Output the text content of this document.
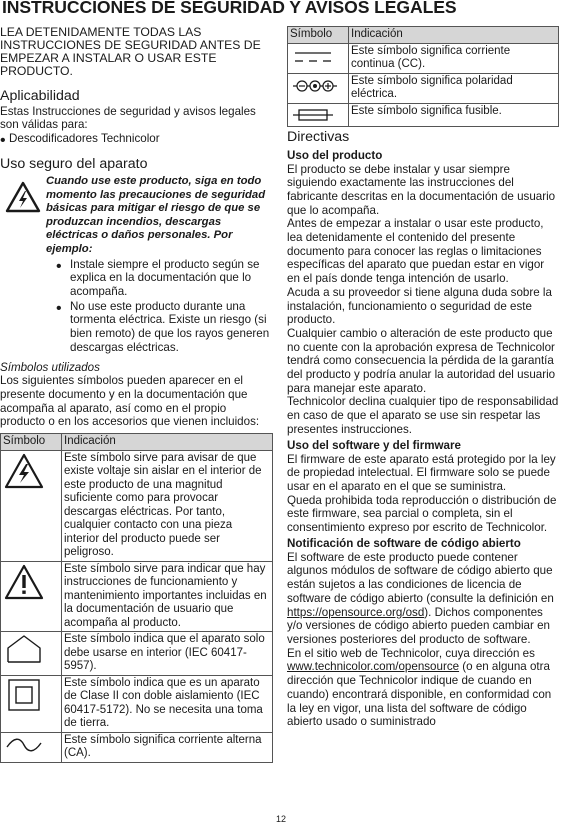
INSTRUCCIONES DE SEGURIDAD Y AVISOS LEGALES

LEA DETENIDAMENTE TODAS LAS INSTRUCCIONES DE SEGURIDAD ANTES DE EMPEZAR A INSTALAR O USAR ESTE PRODUCTO.

Aplicabilidad

Estas Instrucciones de seguridad y avisos legales son válidas para:

• Descodificadores Technicolor

Uso seguro del aparato

Cuando use este producto, siga en todo momento las precauciones de seguridad básicas para mitigar el riesgo de que se produzcan incendios, descargas eléctricas o daños personales. Por ejemplo:

• Instale siempre el producto según se explica en la documentación que lo acompaña.

• No use este producto durante una tormenta eléctrica. Existe un riesgo (si bien remoto) de que los rayos generen descargas eléctricas.

Símbolos utilizados

Los siguientes símbolos pueden aparecer en el presente documento y en la documentación que acompaña al aparato, así como en el propio producto o en los accesorios que vienen incluidos:

Símbolo	Indicación

	Este símbolo sirve para avisar de que existe voltaje sin aislar en el interior de este producto de una magnitud suficiente como para provocar descargas eléctricas. Por tanto, cualquier contacto con una pieza interior del producto puede ser peligroso.

	Este símbolo sirve para indicar que hay instrucciones de funcionamiento y mantenimiento importantes incluidas en la documentación de usuario que acompaña al producto.

	Este símbolo indica que el aparato solo debe usarse en interior (IEC 60417-5957).

	Este símbolo indica que es un aparato de Clase II con doble aislamiento (IEC 60417-5172). No se necesita una toma de tierra.

	Este símbolo significa corriente alterna (CA).
Símbolo	Indicación

	Este símbolo significa corriente continua (CC).

	Este símbolo significa polaridad eléctrica.

	Este símbolo significa fusible.
Directivas
Uso del producto

El producto se debe instalar y usar siempre siguiendo exactamente las instrucciones del fabricante descritas en la documentación de usuario que lo acompaña.

Antes de empezar a instalar o usar este producto, lea detenidamente el contenido del presente documento para conocer las reglas o limitaciones específicas del aparato que puedan estar en vigor en el país donde tenga intención de usarlo.

Acuda a su proveedor si tiene alguna duda sobre la instalación, funcionamiento o seguridad de este producto.

Cualquier cambio o alteración de este producto que no cuente con la aprobación expresa de Technicolor tendrá como consecuencia la pérdida de la garantía del producto y podría anular la autoridad del usuario para manejar este aparato.

Technicolor declina cualquier tipo de responsabilidad en caso de que el aparato se use sin respetar las presentes instrucciones.

Uso del software y del firmware

El firmware de este aparato está protegido por la ley de propiedad intelectual. El firmware solo se puede usar en el aparato en el que se suministra.

Queda prohibida toda reproducción o distribución de este firmware, sea parcial o completa, sin el consentimiento expreso por escrito de Technicolor.

Notificación de software de código abierto

El software de este producto puede contener algunos módulos de software de código abierto que están sujetos a las condiciones de licencia de software de código abierto (consulte la definición en https://opensource.org/osd). Dichos componentes y/o versiones de código abierto pueden cambiar en versiones posteriores del producto de software.

En el sitio web de Technicolor, cuya dirección es www.technicolor.com/opensource (o en alguna otra dirección que Technicolor indique de cuando en cuando) encontrará disponible, en conformidad con la ley en vigor, una lista del software de código abierto usado o suministrado

12
